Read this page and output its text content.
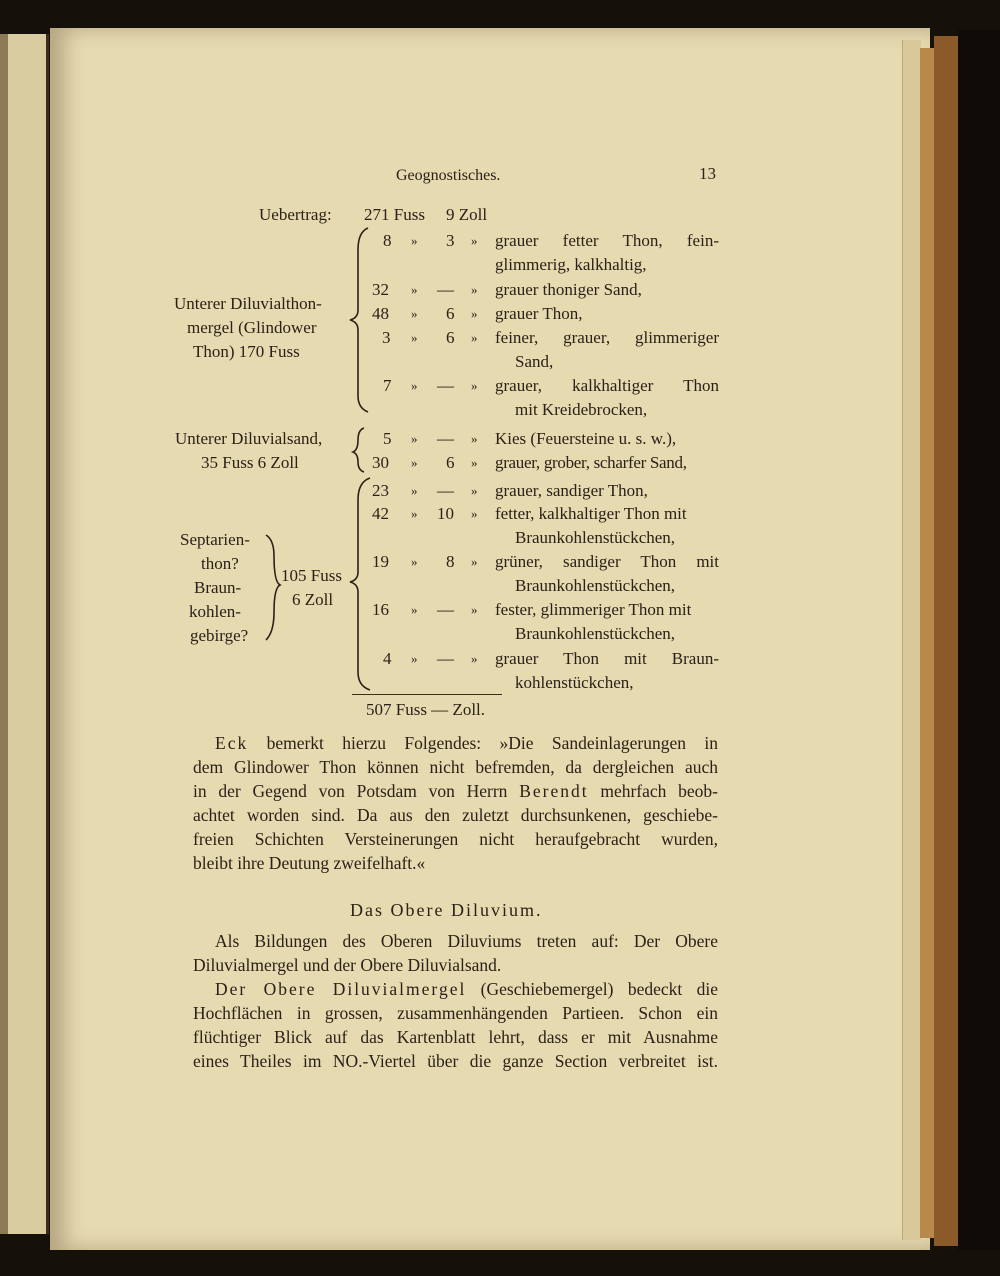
Geognostisches.	13
Uebertrag: 271 Fuss 9 Zoll
Unterer Diluvialthon-
mergel (Glindower
Thon) 170 Fuss
Unterer Diluvialsand,
35 Fuss 6 Zoll
Septarien-
thon?
Braun-
kohlen-
gebirge?
105 Fuss
6 Zoll
8 » 3 » grauer fetter Thon, fein-
glimmerig, kalkhaltig,
32 » — » grauer thoniger Sand,
48 » 6 » grauer Thon,
3 » 6 » feiner, grauer, glimmeriger
Sand,
7 » — » grauer, kalkhaltiger Thon
mit Kreidebrocken,
5 » — » Kies (Feuersteine u. s. w.),
30 » 6 » grauer, grober, scharfer Sand,
23 » — » grauer, sandiger Thon,
42 » 10 » fetter, kalkhaltiger Thon mit
Braunkohlenstückchen,
19 » 8 » grüner, sandiger Thon mit
Braunkohlenstückchen,
16 » — » fester, glimmeriger Thon mit
Braunkohlenstückchen,
4 » — » grauer Thon mit Braun-
kohlenstückchen,
507 Fuss — Zoll.
Eck bemerkt hierzu Folgendes: »Die Sandeinlagerungen in
dem Glindower Thon können nicht befremden, da dergleichen auch
in der Gegend von Potsdam von Herrn Berendt mehrfach beob-
achtet worden sind. Da aus den zuletzt durchsunkenen, geschiebe-
freien Schichten Versteinerungen nicht heraufgebracht wurden,
bleibt ihre Deutung zweifelhaft.«
Das Obere Diluvium.
Als Bildungen des Oberen Diluviums treten auf: Der Obere
Diluvialmergel und der Obere Diluvialsand.
Der Obere Diluvialmergel (Geschiebemergel) bedeckt die
Hochflächen in grossen, zusammenhängenden Partieen. Schon ein
flüchtiger Blick auf das Kartenblatt lehrt, dass er mit Ausnahme
eines Theiles im NO.-Viertel über die ganze Section verbreitet ist.
